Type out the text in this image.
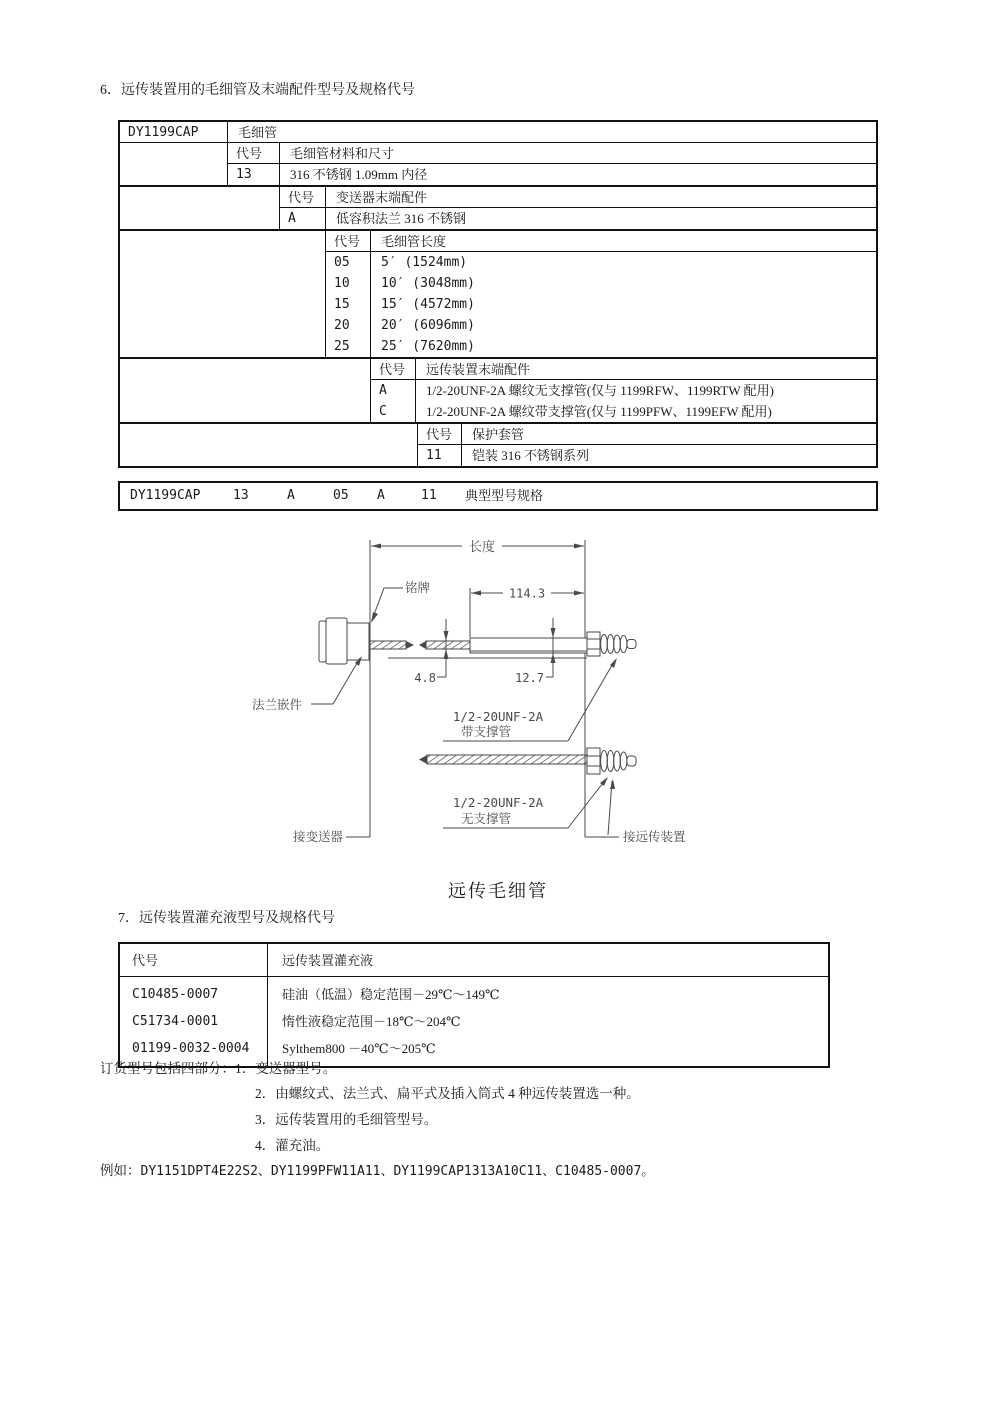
6．远传装置用的毛细管及末端配件型号及规格代号
DY1199CAP	毛细管
代号	毛细管材料和尺寸
13	316 不锈钢 1.09mm 内径
代号	变送器末端配件
A	低容积法兰 316 不锈钢
代号	毛细管长度
05	5′ (1524mm)
10	10′ (3048mm)
15	15′ (4572mm)
20	20′ (6096mm)
25	25′ (7620mm)
代号	远传装置末端配件
A	1/2-20UNF-2A 螺纹无支撑管(仅与 1199RFW、1199RTW 配用)
C	1/2-20UNF-2A 螺纹带支撑管(仅与 1199PFW、1199EFW 配用)
代号	保护套管
11	铠装 316 不锈钢系列
DY1199CAP	13	A	05 A	11 典型型号规格
长度
铭牌	114.3
4.8	12.7
法兰嵌件
1/2-20UNF-2A
带支撑管
1/2-20UNF-2A
无支撑管
接变送器	接远传装置
远传毛细管
7．远传装置灌充液型号及规格代号
代号	远传装置灌充液
C10485-0007	硅油（低温）稳定范围－29℃～149℃
C51734-0001	惰性液稳定范围－18℃～204℃
01199-0032-0004	Sylthem800 －40℃～205℃
订货型号包括四部分：1．变送器型号。
2．由螺纹式、法兰式、扁平式及插入筒式 4 种远传装置选一种。
3．远传装置用的毛细管型号。
4．灌充油。
例如：DY1151DPT4E22S2、DY1199PFW11A11、DY1199CAP1313A10C11、C10485-0007。
